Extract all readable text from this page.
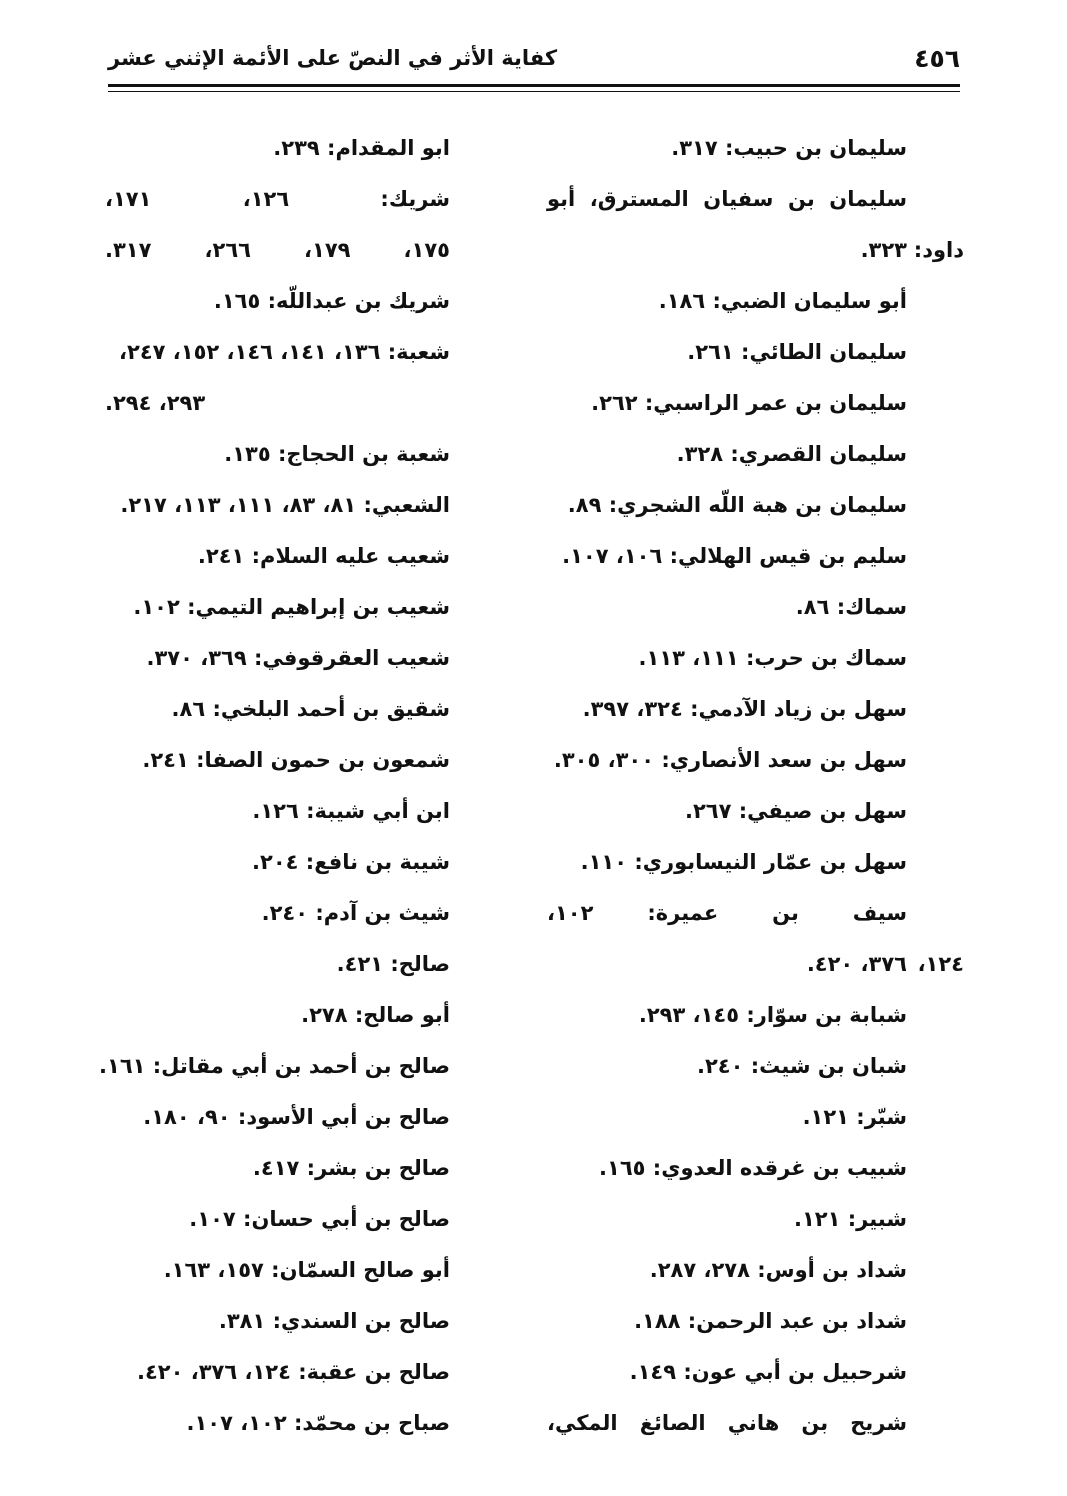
٤٥٦
كفاية الأثر في النصّ على الأئمة الإثني عشر
سليمان بن حبيب: ٣١٧.
سليمان بن سفيان المسترق، أبو
٣٢٣. داود:
أبو سليمان الضبي: ١٨٦.
سليمان الطائي: ٢٦١.
سليمان بن عمر الراسبي: ٢٦٢.
سليمان القصري: ٣٢٨.
سليمان بن هبة اللّه الشجري: ٨٩.
سليم بن قيس الهلالي: ١٠٦، ١٠٧.
سماك: ٨٦.
سماك بن حرب: ١١١، ١١٣.
سهل بن زياد الآدمي: ٣٢٤، ٣٩٧.
سهل بن سعد الأنصاري: ٣٠٠، ٣٠٥.
سهل بن صيفي: ٢٦٧.
سهل بن عمّار النيسابوري: ١١٠.
سيف بن عميرة: ١٠٢،
٣٧٦، ٤٢٠. ١٢٤،
شبابة بن سوّار: ١٤٥، ٢٩٣.
شبان بن شيث: ٢٤٠.
شبّر: ١٢١.
شبيب بن غرقده العدوي: ١٦٥.
شبير: ١٢١.
شداد بن أوس: ٢٧٨، ٢٨٧.
شداد بن عبد الرحمن: ١٨٨.
شرحبيل بن أبي عون: ١٤٩.
شريح بن هاني الصائغ المكي،
ابو المقدام: ٢٣٩.
شريك: ١٢٦، ١٧١،
١٧٥، ١٧٩، ٢٦٦، ٣١٧.
شريك بن عبداللّه: ١٦٥.
شعبة: ١٣٦، ١٤١، ١٤٦، ١٥٢، ٢٤٧،
٢٩٣، ٢٩٤.
شعبة بن الحجاج: ١٣٥.
الشعبي: ٨١، ٨٣، ١١١، ١١٣، ٢١٧.
شعيب عليه السلام: ٢٤١.
شعيب بن إبراهيم التيمي: ١٠٢.
شعيب العقرقوفي: ٣٦٩، ٣٧٠.
شقيق بن أحمد البلخي: ٨٦.
شمعون بن حمون الصفا: ٢٤١.
ابن أبي شيبة: ١٢٦.
شيبة بن نافع: ٢٠٤.
شيث بن آدم: ٢٤٠.
صالح: ٤٢١.
أبو صالح: ٢٧٨.
صالح بن أحمد بن أبي مقاتل: ١٦١.
صالح بن أبي الأسود: ٩٠، ١٨٠.
صالح بن بشر: ٤١٧.
صالح بن أبي حسان: ١٠٧.
أبو صالح السمّان: ١٥٧، ١٦٣.
صالح بن السندي: ٣٨١.
صالح بن عقبة: ١٢٤، ٣٧٦، ٤٢٠.
صباح بن محمّد: ١٠٢، ١٠٧.
